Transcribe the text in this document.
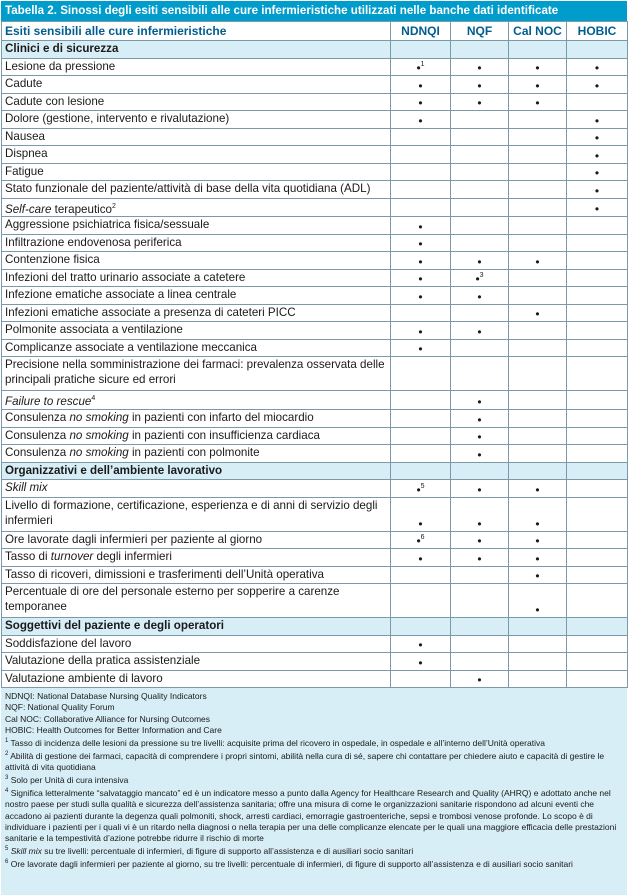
Tabella 2. Sinossi degli esiti sensibili alle cure infermieristiche utilizzati nelle banche dati identificate
Esiti sensibili alle cure infermieristiche	NDNQI	NQF	Cal NOC	HOBIC
Clinici e di sicurezza				
Lesione da pressione	•$^1$	•	•	•
Cadute	•	•	•	•
Cadute con lesione	•	•	•	
Dolore (gestione, intervento e rivalutazione)	•			•
Nausea				•
Dispnea				•
Fatigue				•
Stato funzionale del paziente/attività di base della vita quotidiana (ADL)				•
Self-care terapeutico$^2$				•
Aggressione psichiatrica fisica/sessuale	•			
Infiltrazione endovenosa periferica	•			
Contenzione fisica	•	•	•	
Infezioni del tratto urinario associate a catetere	•	•$^3$		
Infezione ematiche associate a linea centrale	•	•		
Infezioni ematiche associate a presenza di cateteri PICC			•	
Polmonite associata a ventilazione	•	•		
Complicanze associate a ventilazione meccanica	•			
Precisione nella somministrazione dei farmaci: prevalenza osservata delle principali pratiche sicure ed errori				
Failure to rescue$^4$		•		
Consulenza no smoking in pazienti con infarto del miocardio		•		
Consulenza no smoking in pazienti con insufficienza cardiaca		•		
Consulenza no smoking in pazienti con polmonite		•		
Organizzativi e dell’ambiente lavorativo				
Skill mix	•$^5$	•	•	
Livello di formazione, certificazione, esperienza e di anni di servizio degli infermieri	•	•	•	
Ore lavorate dagli infermieri per paziente al giorno	•$^6$	•	•	
Tasso di turnover degli infermieri	•	•	•	
Tasso di ricoveri, dimissioni e trasferimenti dell’Unità operativa			•	
Percentuale di ore del personale esterno per sopperire a carenze temporanee			•	
Soggettivi del paziente e degli operatori				
Soddisfazione del lavoro	•			
Valutazione della pratica assistenziale	•			
Valutazione ambiente di lavoro		•		

NDNQI: National Database Nursing Quality Indicators

NQF: National Quality Forum

Cal NOC: Collaborative Alliance for Nursing Outcomes

HOBIC: Health Outcomes for Better Information and Care

$^1$ Tasso di incidenza delle lesioni da pressione su tre livelli: acquisite prima del ricovero in ospedale, in ospedale e all’interno dell’Unità operativa

$^2$ Abilità di gestione dei farmaci, capacità di comprendere i propri sintomi, abilità nella cura di sé, sapere chi contattare per chiedere aiuto e capacità di gestire le attività di vita quotidiana

$^3$ Solo per Unità di cura intensiva

$^4$ Significa letteralmente “salvataggio mancato” ed è un indicatore messo a punto dalla Agency for Healthcare Research and Quality (AHRQ) e adottato anche nel nostro paese per studi sulla qualità e sicurezza dell’assistenza sanitaria; offre una misura di come le organizzazioni sanitarie rispondono ad alcuni eventi che accadono ai pazienti durante la degenza quali polmoniti, shock, arresti cardiaci, emorragie gastroenteriche, sepsi e trombosi venose profonde. Lo scopo è di individuare i pazienti per i quali vi è un ritardo nella diagnosi o nella terapia per una delle complicanze elencate per le quali una maggiore efficacia delle prestazioni sanitarie e la tempestività d’azione potrebbe ridurre il rischio di morte

$^5$ Skill mix su tre livelli: percentuale di infermieri, di figure di supporto all’assistenza e di ausiliari socio sanitari

$^6$ Ore lavorate dagli infermieri per paziente al giorno, su tre livelli: percentuale di infermieri, di figure di supporto all’assistenza e di ausiliari socio sanitari
